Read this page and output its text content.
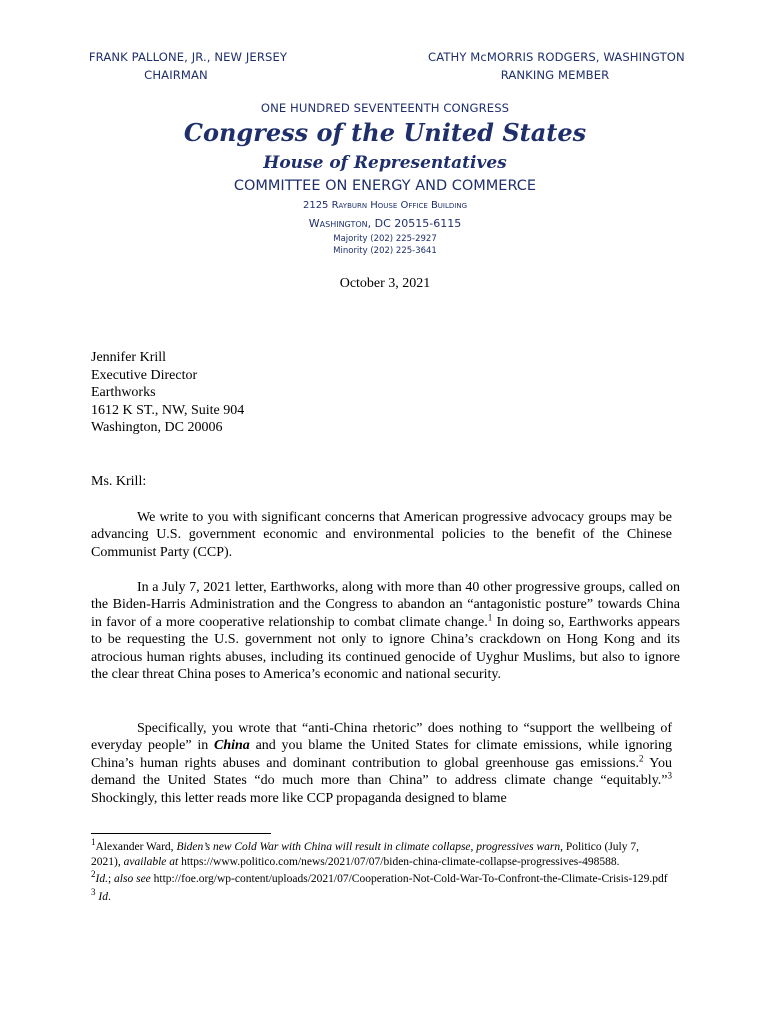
FRANK PALLONE, JR., NEW JERSEY
CHAIRMAN
CATHY McMORRIS RODGERS, WASHINGTON
RANKING MEMBER
ONE HUNDRED SEVENTEENTH CONGRESS
Congress of the United States
House of Representatives
COMMITTEE ON ENERGY AND COMMERCE
2125 Rayburn House Office Building
Washington, DC 20515-6115
Majority (202) 225-2927
Minority (202) 225-3641
October 3, 2021
Jennifer Krill
Executive Director
Earthworks
1612 K ST., NW, Suite 904
Washington, DC 20006
Ms. Krill:
We write to you with significant concerns that American progressive advocacy groups may be advancing U.S. government economic and environmental policies to the benefit of the Chinese Communist Party (CCP).
In a July 7, 2021 letter, Earthworks, along with more than 40 other progressive groups, called on the Biden-Harris Administration and the Congress to abandon an “antagonistic posture” towards China in favor of a more cooperative relationship to combat climate change.$^1$ In doing so, Earthworks appears to be requesting the U.S. government not only to ignore China’s crackdown on Hong Kong and its atrocious human rights abuses, including its continued genocide of Uyghur Muslims, but also to ignore the clear threat China poses to America’s economic and national security.
Specifically, you wrote that “anti-China rhetoric” does nothing to “support the wellbeing of everyday people” in China and you blame the United States for climate emissions, while ignoring China’s human rights abuses and dominant contribution to global greenhouse gas emissions.$^2$ You demand the United States “do much more than China” to address climate change “equitably.”$^3$ Shockingly, this letter reads more like CCP propaganda designed to blame
$^1$Alexander Ward, Biden’s new Cold War with China will result in climate collapse, progressives warn, Politico (July 7, 2021), available at https://www.politico.com/news/2021/07/07/biden-china-climate-collapse-progressives-498588.
$^2$Id.; also see http://foe.org/wp-content/uploads/2021/07/Cooperation-Not-Cold-War-To-Confront-the-Climate-Crisis-129.pdf
$^3$ Id.
